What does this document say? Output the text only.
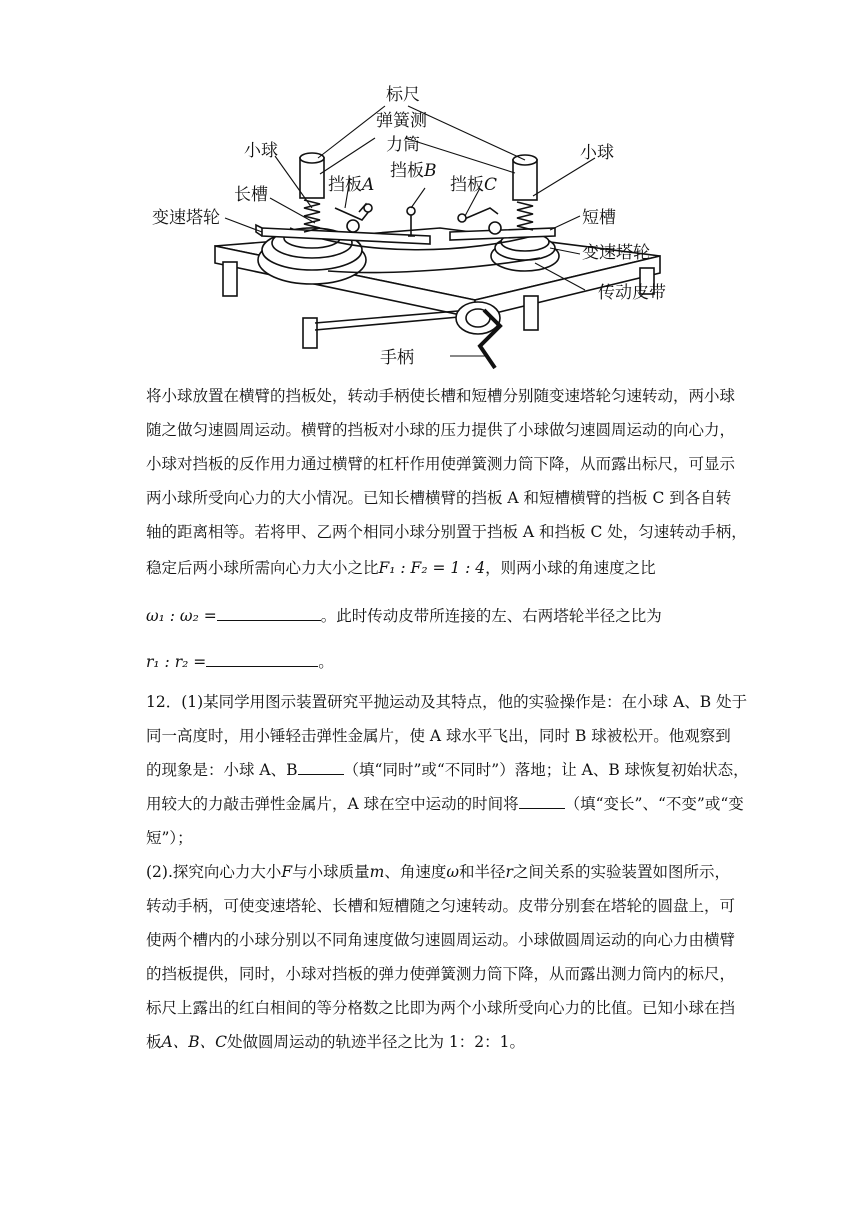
标尺
弹簧测
力筒
小球	小球
挡板A
挡板B
挡板C
长槽
短槽
变速塔轮
变速塔轮
传动皮带
手柄
将小球放置在横臂的挡板处，转动手柄使长槽和短槽分别随变速塔轮匀速转动，两小球
随之做匀速圆周运动。横臂的挡板对小球的压力提供了小球做匀速圆周运动的向心力，
小球对挡板的反作用力通过横臂的杠杆作用使弹簧测力筒下降，从而露出标尺，可显示
两小球所受向心力的大小情况。已知长槽横臂的挡板 A 和短槽横臂的挡板 C 到各自转
轴的距离相等。若将甲、乙两个相同小球分别置于挡板 A 和挡板 C 处，匀速转动手柄，
稳定后两小球所需向心力大小之比F₁ : F₂ = 1 : 4，则两小球的角速度之比
ω₁ : ω₂ =	。此时传动皮带所连接的左、右两塔轮半径之比为
r₁ : r₂ =	。
12．(1)某同学用图示装置研究平抛运动及其特点，他的实验操作是：在小球 A、B 处于
同一高度时，用小锤轻击弹性金属片，使 A 球水平飞出，同时 B 球被松开。他观察到
的现象是：小球 A、B	（填“同时”或“不同时”）落地；让 A、B 球恢复初始状态，
用较大的力敲击弹性金属片，A 球在空中运动的时间将	（填“变长”、“不变”或“变
短”）；
(2).探究向心力大小F与小球质量m、角速度ω和半径r之间关系的实验装置如图所示，
转动手柄，可使变速塔轮、长槽和短槽随之匀速转动。皮带分别套在塔轮的圆盘上，可
使两个槽内的小球分别以不同角速度做匀速圆周运动。小球做圆周运动的向心力由横臂
的挡板提供，同时，小球对挡板的弹力使弹簧测力筒下降，从而露出测力筒内的标尺，
标尺上露出的红白相间的等分格数之比即为两个小球所受向心力的比值。已知小球在挡
板A、B、C处做圆周运动的轨迹半径之比为 1：2：1。
